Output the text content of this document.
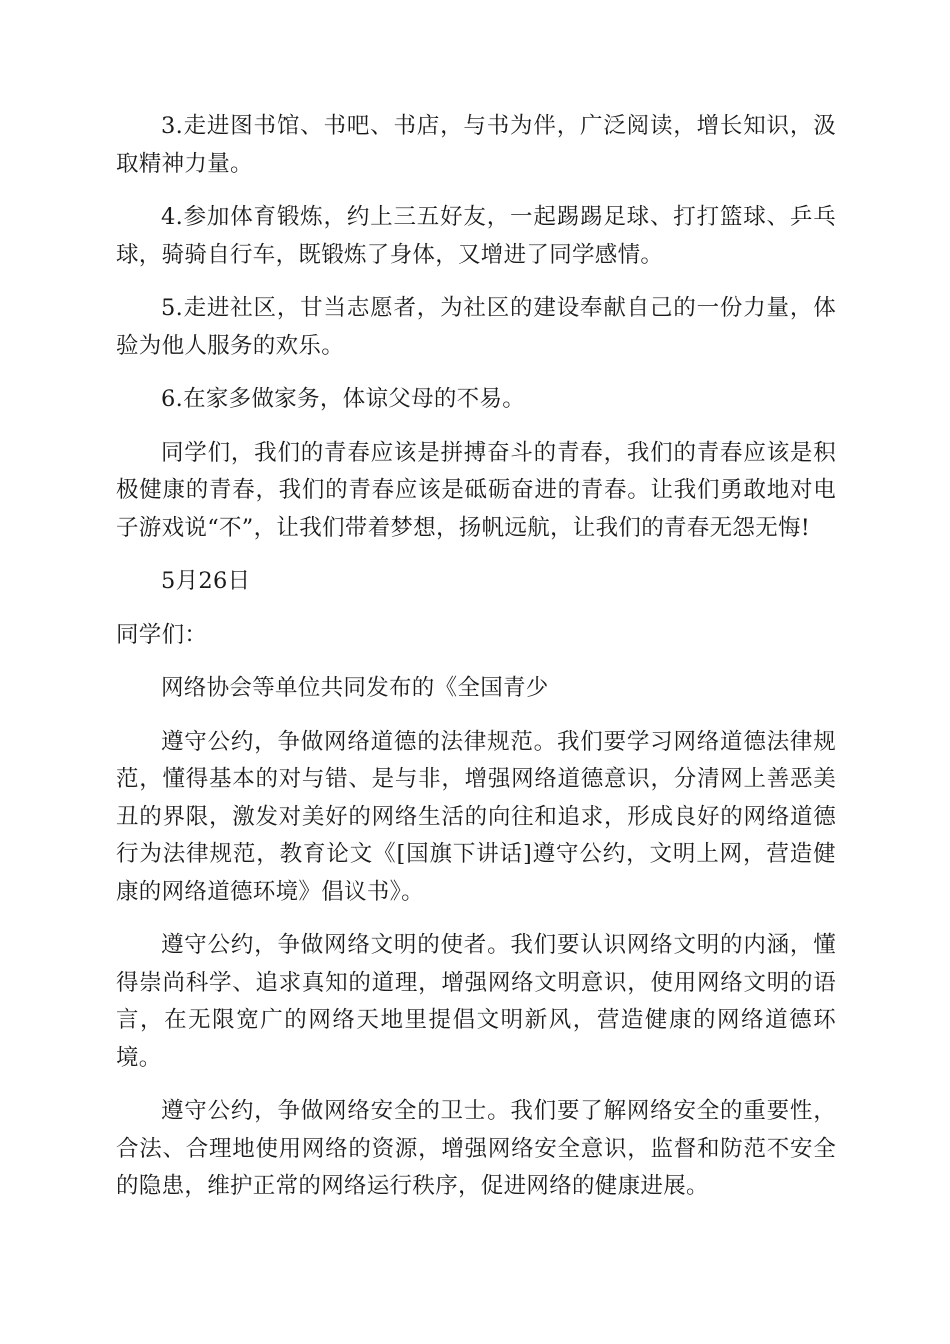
3.走进图书馆、书吧、书店，与书为伴，广泛阅读，增长知识，汲取精神力量。

4.参加体育锻炼，约上三五好友，一起踢踢足球、打打篮球、乒乓球，骑骑自行车，既锻炼了身体，又增进了同学感情。

5.走进社区，甘当志愿者，为社区的建设奉献自己的一份力量，体验为他人服务的欢乐。

6.在家多做家务，体谅父母的不易。

同学们，我们的青春应该是拼搏奋斗的青春，我们的青春应该是积极健康的青春，我们的青春应该是砥砺奋进的青春。让我们勇敢地对电子游戏说“不”，让我们带着梦想，扬帆远航，让我们的青春无怨无悔!

5月26日

同学们：

网络协会等单位共同发布的《全国青少

遵守公约，争做网络道德的法律规范。我们要学习网络道德法律规范，懂得基本的对与错、是与非，增强网络道德意识，分清网上善恶美丑的界限，激发对美好的网络生活的向往和追求，形成良好的网络道德行为法律规范，教育论文《[国旗下讲话]遵守公约，文明上网，营造健康的网络道德环境》倡议书》。

遵守公约，争做网络文明的使者。我们要认识网络文明的内涵，懂得崇尚科学、追求真知的道理，增强网络文明意识，使用网络文明的语言，在无限宽广的网络天地里提倡文明新风，营造健康的网络道德环境。

遵守公约，争做网络安全的卫士。我们要了解网络安全的重要性，合法、合理地使用网络的资源，增强网络安全意识，监督和防范不安全的隐患，维护正常的网络运行秩序，促进网络的健康进展。
